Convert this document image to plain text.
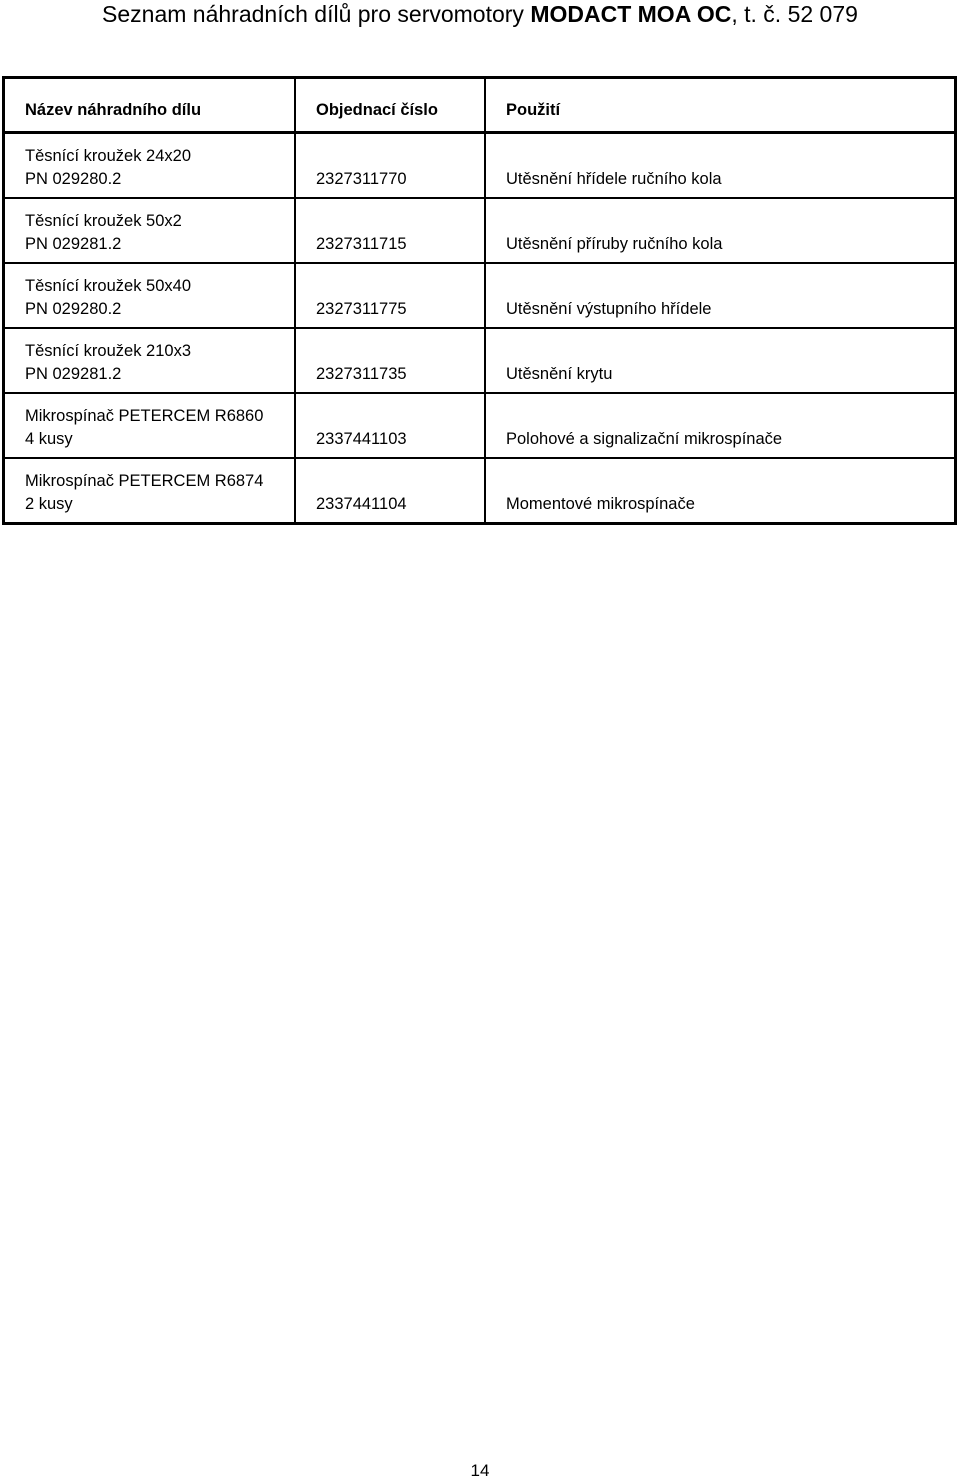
Seznam náhradních dílů pro servomotory MODACT MOA OC, t. č. 52 079
Název náhradního dílu	Objednací číslo	Použití

Těsnící kroužek 24x20
PN 029280.2	2327311770	Utěsnění hřídele ručního kola

Těsnící kroužek 50x2
PN 029281.2	2327311715	Utěsnění příruby ručního kola

Těsnící kroužek 50x40
PN 029280.2	2327311775	Utěsnění výstupního hřídele

Těsnící kroužek 210x3
PN 029281.2	2327311735	Utěsnění krytu

Mikrospínač PETERCEM R6860
4 kusy	2337441103	Polohové a signalizační mikrospínače

Mikrospínač PETERCEM R6874
2 kusy	2337441104	Momentové mikrospínače
14
